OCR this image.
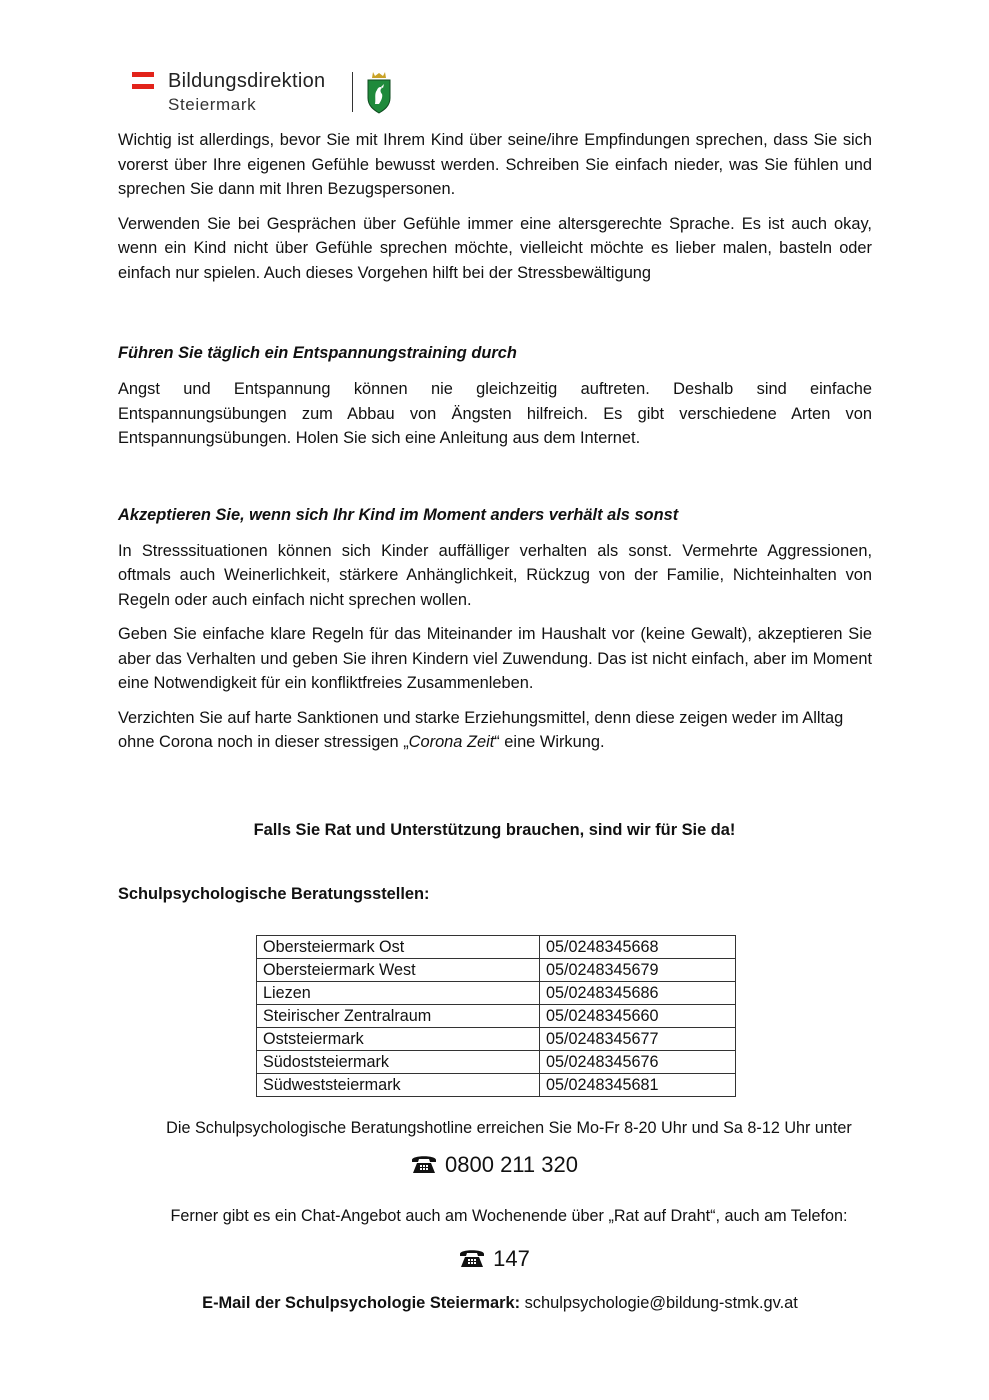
Bildungsdirektion
Steiermark

Wichtig ist allerdings, bevor Sie mit Ihrem Kind über seine/ihre Empfindungen sprechen, dass Sie sich vorerst über Ihre eigenen Gefühle bewusst werden. Schreiben Sie einfach nieder, was Sie fühlen und sprechen Sie dann mit Ihren Bezugspersonen.

Verwenden Sie bei Gesprächen über Gefühle immer eine altersgerechte Sprache. Es ist auch okay, wenn ein Kind nicht über Gefühle sprechen möchte, vielleicht möchte es lieber malen, basteln oder einfach nur spielen. Auch dieses Vorgehen hilft bei der Stressbewältigung

Führen Sie täglich ein Entspannungstraining durch

Angst und Entspannung können nie gleichzeitig auftreten. Deshalb sind einfache Entspannungsübungen zum Abbau von Ängsten hilfreich. Es gibt verschiedene Arten von Entspannungsübungen. Holen Sie sich eine Anleitung aus dem Internet.

Akzeptieren Sie, wenn sich Ihr Kind im Moment anders verhält als sonst

In Stresssituationen können sich Kinder auffälliger verhalten als sonst. Vermehrte Aggressionen, oftmals auch Weinerlichkeit, stärkere Anhänglichkeit, Rückzug von der Familie, Nichteinhalten von Regeln oder auch einfach nicht sprechen wollen.

Geben Sie einfache klare Regeln für das Miteinander im Haushalt vor (keine Gewalt), akzeptieren Sie aber das Verhalten und geben Sie ihren Kindern viel Zuwendung. Das ist nicht einfach, aber im Moment eine Notwendigkeit für ein konfliktfreies Zusammenleben.

Verzichten Sie auf harte Sanktionen und starke Erziehungsmittel, denn diese zeigen weder im Alltag ohne Corona noch in dieser stressigen „Corona Zeit“ eine Wirkung.

Falls Sie Rat und Unterstützung brauchen, sind wir für Sie da!
Schulpsychologische Beratungsstellen:
Obersteiermark Ost	05/0248345668
Obersteiermark West	05/0248345679
Liezen	05/0248345686
Steirischer Zentralraum	05/0248345660
Oststeiermark	05/0248345677
Südoststeiermark	05/0248345676
Südweststeiermark	05/0248345681
Die Schulpsychologische Beratungshotline erreichen Sie Mo-Fr 8-20 Uhr und Sa 8-12 Uhr unter
0800 211 320
Ferner gibt es ein Chat-Angebot auch am Wochenende über „Rat auf Draht“, auch am Telefon:
147
E-Mail der Schulpsychologie Steiermark: schulpsychologie@bildung-stmk.gv.at
